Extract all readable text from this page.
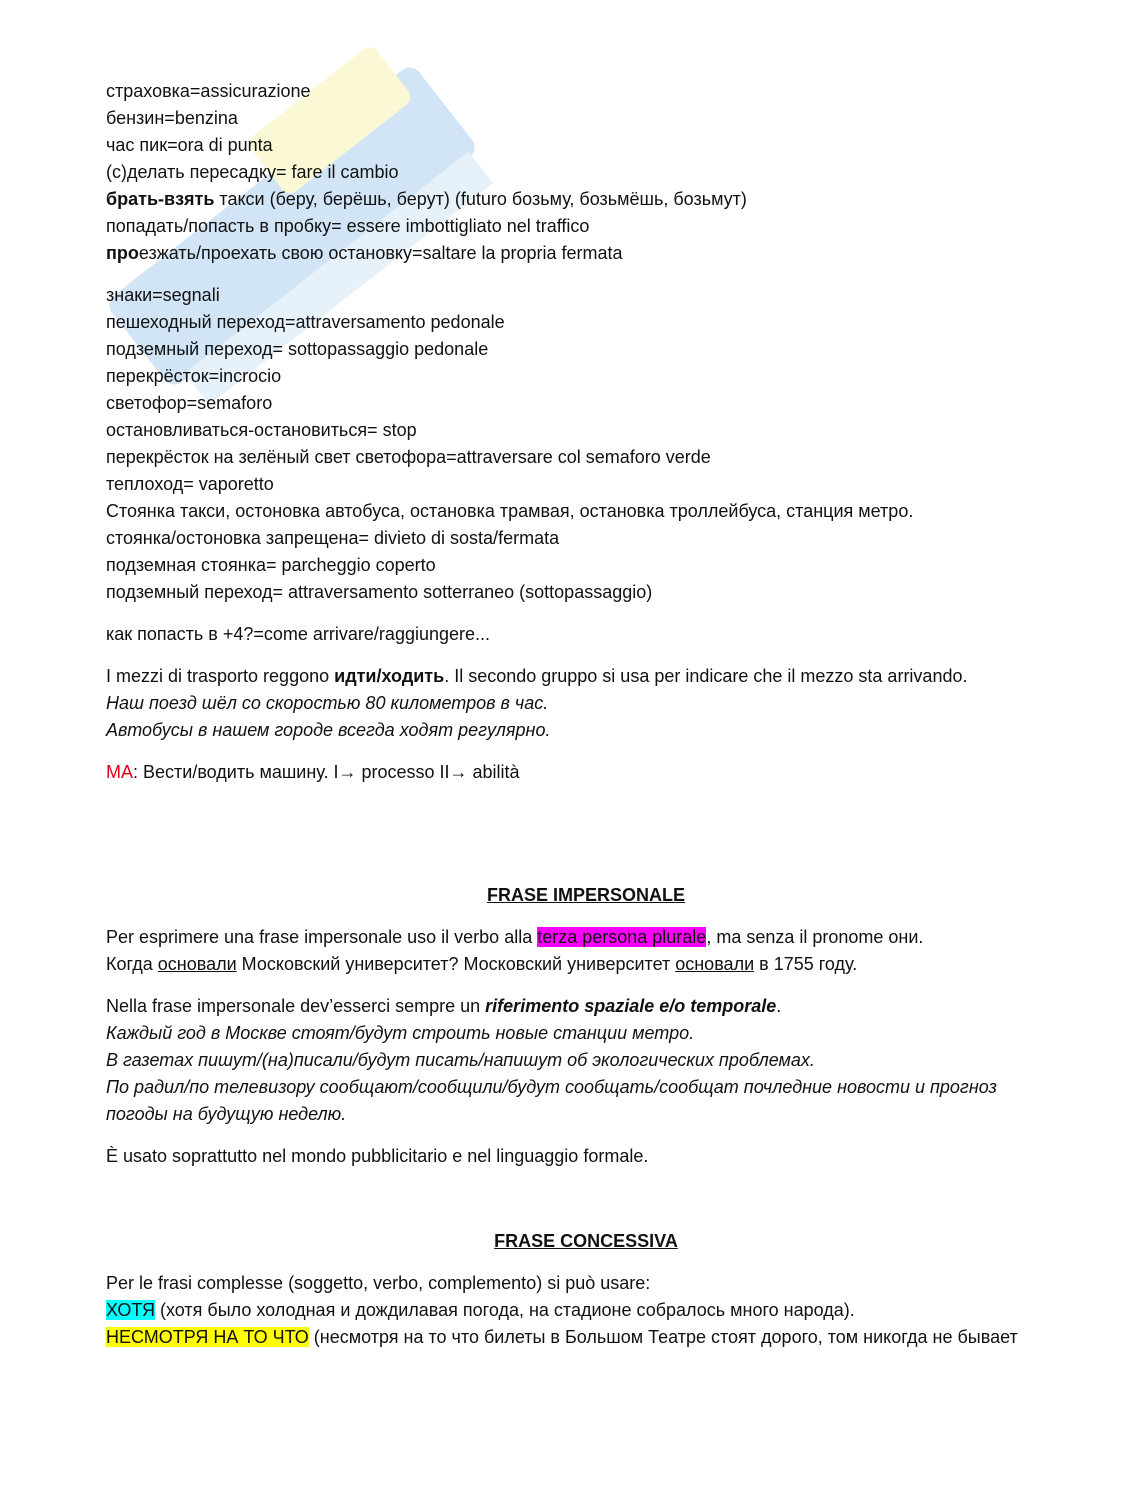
страховка=assicurazione
бензин=benzina
час пик=ora di punta
(с)делать пересадку= fare il cambio
брать-взять такси (беру, берёшь, берут) (futuro бозьму, бозьмёшь, бозьмут)
попадать/попасть в пробку= essere imbottigliato nel traffico
проезжать/проехать свою остановку=saltare la propria fermata
знаки=segnali
пешеходный переход=attraversamento pedonale
подземный переход= sottopassaggio pedonale
перекрёсток=incrocio
светофор=semaforo
остановливаться-остановиться= stop
перекрёсток на зелёный свет светофора=attraversare col semaforo verde
теплоход= vaporetto
Стоянка такси, остоновка автобуса, остановка трамвая, остановка троллейбуса, станция метро.
стоянка/остоновка запрещена= divieto di sosta/fermata
подземная стоянка= parcheggio coperto
подземный переход= attraversamento sotterraneo (sottopassaggio)
как попасть в +4?=come arrivare/raggiungere...
I mezzi di trasporto reggono идти/ходить. Il secondo gruppo si usa per indicare che il mezzo sta arrivando.
Наш поезд шёл со скоростью 80 километров в час.
Автобусы в нашем городе всегда ходят регулярно.
MA: Вести/водить машину. I→ processo II→ abilità
FRASE IMPERSONALE
Per esprimere una frase impersonale uso il verbo alla terza persona plurale, ma senza il pronome они.
Когда основали Московский университет? Московский университет основали в 1755 году.
Nella frase impersonale dev’esserci sempre un riferimento spaziale e/o temporale.
Каждый год в Москве стоят/будут строить новые станции метро.
В газетах пишут/(на)писали/будут писать/напишут об экологических проблемах.
По радил/по телевизору сообщают/сообщили/будут сообщать/сообщат почледние новости и прогноз
погоды на будущую неделю.
È usato soprattutto nel mondo pubblicitario e nel linguaggio formale.
FRASE CONCESSIVA
Per le frasi complesse (soggetto, verbo, complemento) si può usare:
ХОТЯ (хотя было холодная и дождилавая погода, на стадионе собралось много народа).
НЕСМОТРЯ НА ТО ЧТО (несмотря на то что билеты в Большом Театре стоят дорого, том никогда не бывает
